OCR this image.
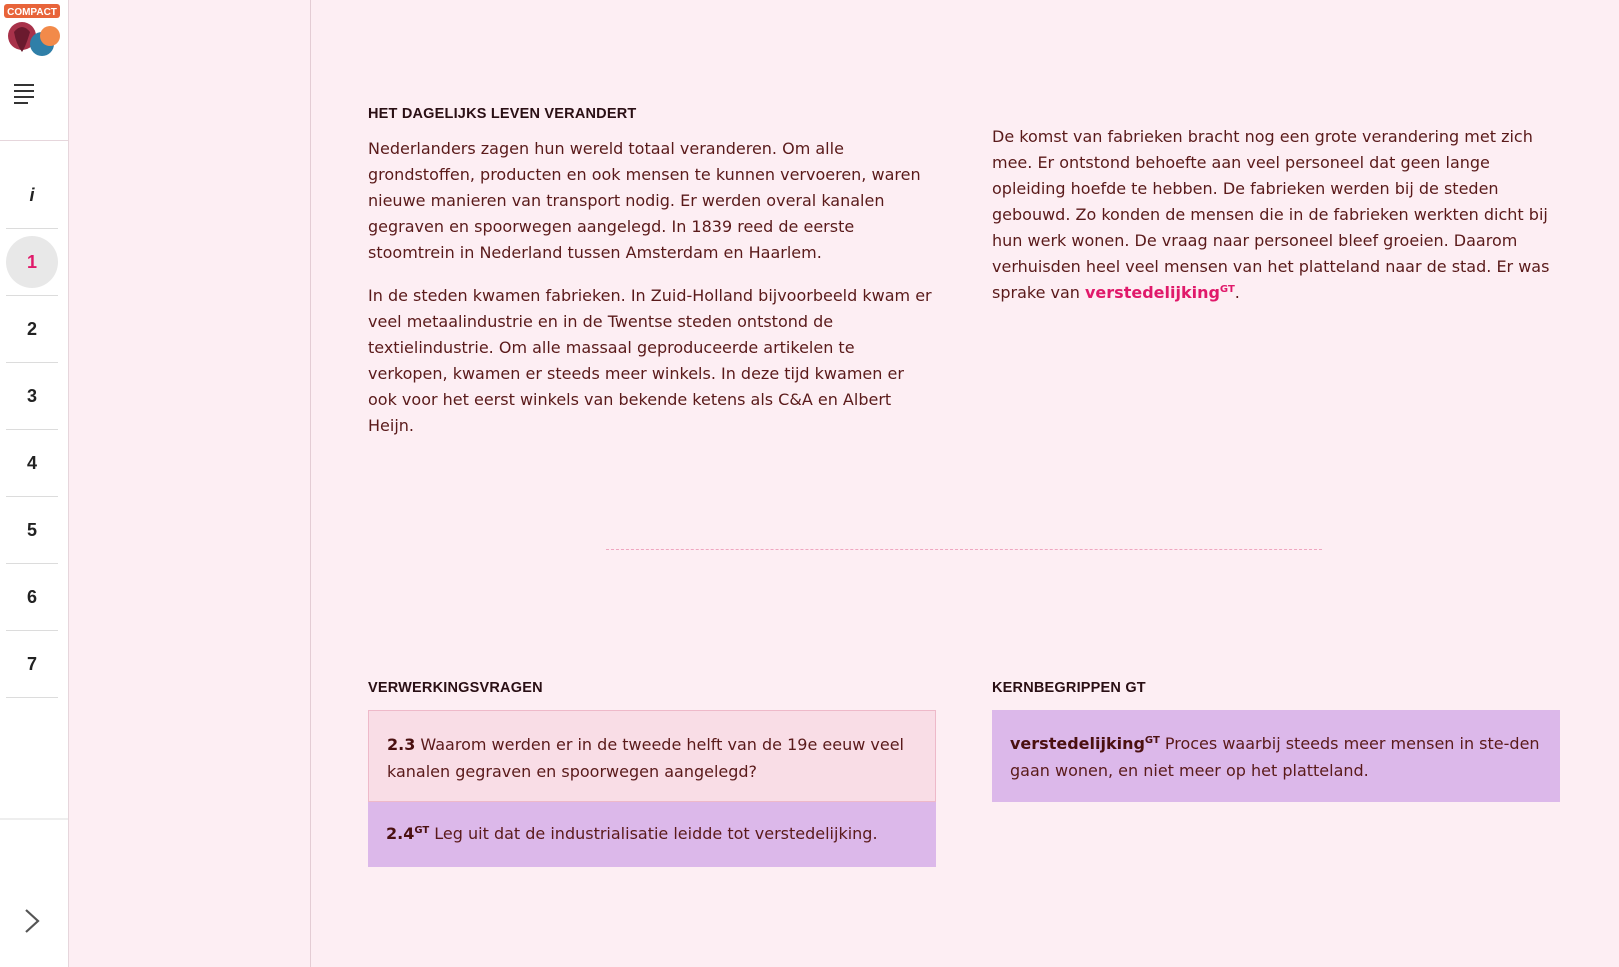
COMPACT
i
1
2
3
4
5
6
7
HET DAGELIJKS LEVEN VERANDERT

Nederlanders zagen hun wereld totaal veranderen. Om alle grondstoffen, producten en ook mensen te kunnen vervoeren, waren nieuwe manieren van transport nodig. Er werden overal kanalen gegraven en spoorwegen aangelegd. In 1839 reed de eerste stoomtrein in Nederland tussen Amsterdam en Haarlem.

In de steden kwamen fabrieken. In Zuid-Holland bijvoorbeeld kwam er veel metaalindustrie en in de Twentse steden ontstond de textielindustrie. Om alle massaal geproduceerde artikelen te verkopen, kwamen er steeds meer winkels. In deze tijd kwamen er ook voor het eerst winkels van bekende ketens als C&A en Albert Heijn.

De komst van fabrieken bracht nog een grote verandering met zich mee. Er ontstond behoefte aan veel personeel dat geen lange opleiding hoefde te hebben. De fabrieken werden bij de steden gebouwd. Zo konden de mensen die in de fabrieken werkten dicht bij hun werk wonen. De vraag naar personeel bleef groeien. Daarom verhuisden heel veel mensen van het platteland naar de stad. Er was sprake van verstedelijking$^{GT}$.

VERWERKINGSVRAGEN
2.3 Waarom werden er in de tweede helft van de 19e eeuw veel kanalen gegraven en spoorwegen aangelegd?
$2.4^{GT}$ Leg uit dat de industrialisatie leidde tot verstedelijking.
KERNBEGRIPPEN GT
verstedelijking$^{GT}$ Proces waarbij steeds meer mensen in ste-den gaan wonen, en niet meer op het platteland.
